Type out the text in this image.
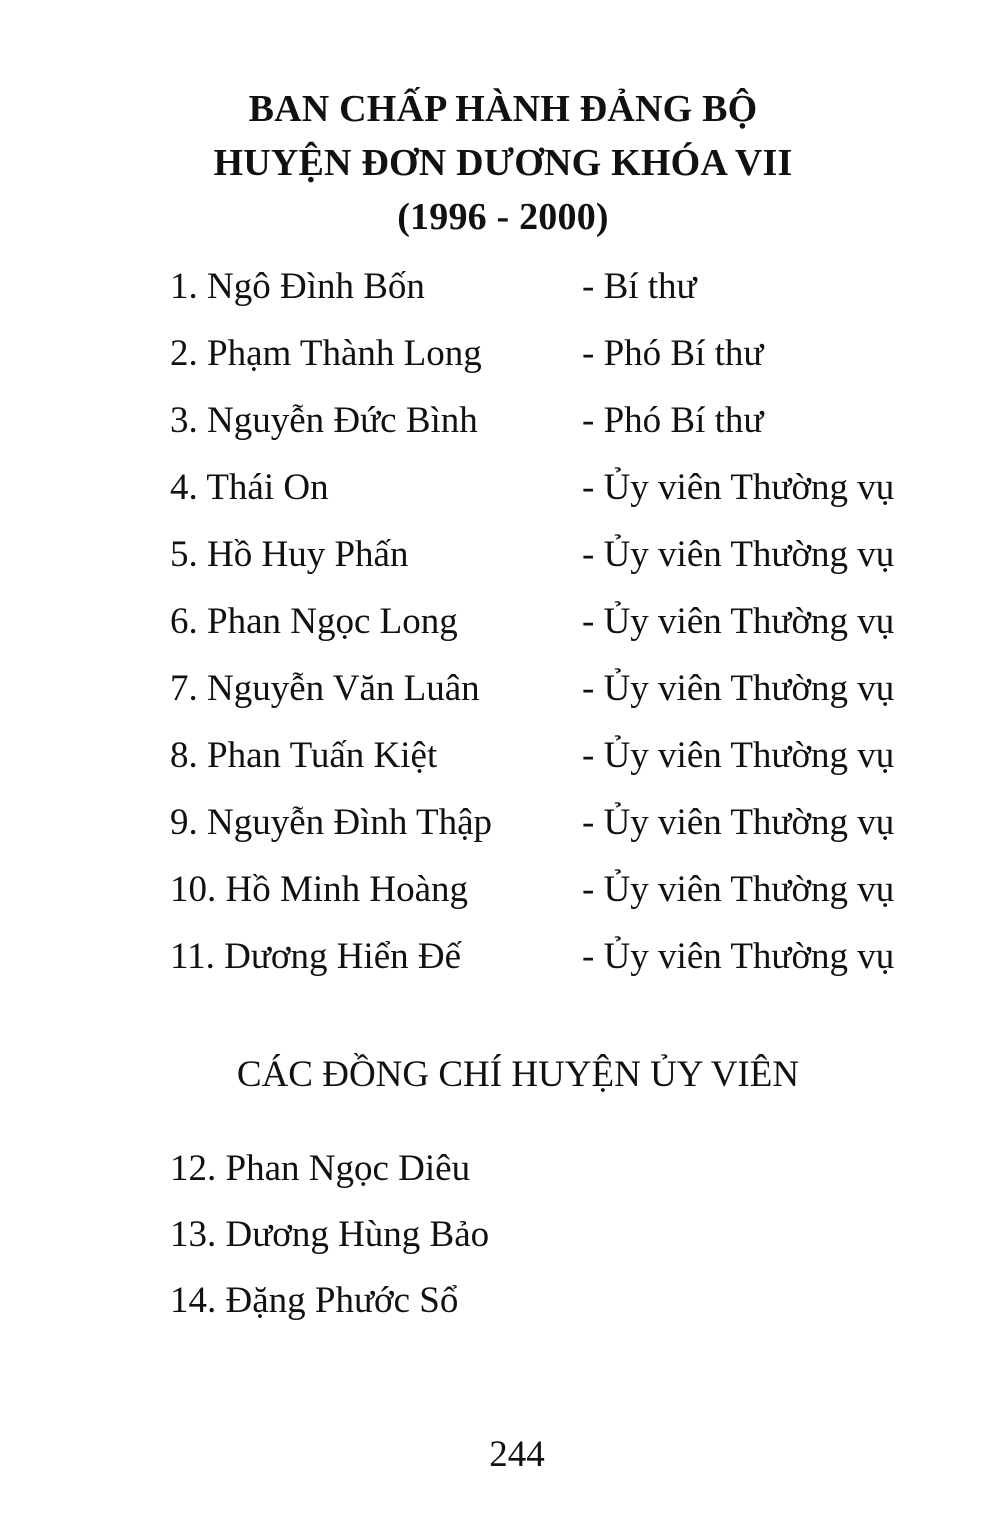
BAN CHẤP HÀNH ĐẢNG BỘ
HUYỆN ĐƠN DƯƠNG KHÓA VII
(1996 - 2000)
1. Ngô Đình Bốn	- Bí thư
2. Phạm Thành Long	- Phó Bí thư
3. Nguyễn Đức Bình	- Phó Bí thư
4. Thái On	- Ủy viên Thường vụ
5. Hồ Huy Phấn	- Ủy viên Thường vụ
6. Phan Ngọc Long	- Ủy viên Thường vụ
7. Nguyễn Văn Luân	- Ủy viên Thường vụ
8. Phan Tuấn Kiệt	- Ủy viên Thường vụ
9. Nguyễn Đình Thập - Ủy viên Thường vụ
10. Hồ Minh Hoàng	- Ủy viên Thường vụ
11. Dương Hiển Đế	- Ủy viên Thường vụ
CÁC ĐỒNG CHÍ HUYỆN ỦY VIÊN
12. Phan Ngọc Diêu
13. Dương Hùng Bảo
14. Đặng Phước Sổ
244
